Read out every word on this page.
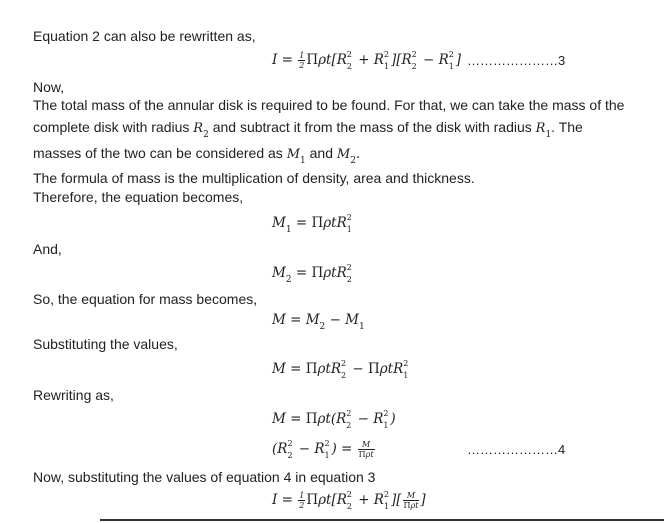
Equation 2 can also be rewritten as,
$I = \frac{1}{2} \Pi\rho t[R$ 2
2 + R 2
1 ][R 2
2 − R 2
1 ] …………………3
Now,
The total mass of the annular disk is required to be found. For that, we can take the mass of the
complete disk with radius $R_2$ and subtract it from the mass of the disk with radius $R_1$. The
masses of the two can be considered as $M_1$ and $M_2$.
The formula of mass is the multiplication of density, area and thickness.
Therefore, the equation becomes,
$M_1 = \Pi\rho tR$ 2
1
And,
$M_2 = \Pi\rho tR$ 2
2
So, the equation for mass becomes,
$M = M_2 - M_1$
Substituting the values,
M = ΠρtR 2
2 − ΠρtR 2
1
Rewriting as,
M = Πρt(R 2
2 − R 2
1 )
(R 2
2 − R 2
1 ) = $\frac{M}{\text{Πρt}}$	…………………4
Now, substituting the values of equation 4 in equation 3
$I = \frac{1}{2} \Pi\rho t[R$ 2
2 + R 2
1 ][ $\frac{M}{\text{Πρt}}$ ]
